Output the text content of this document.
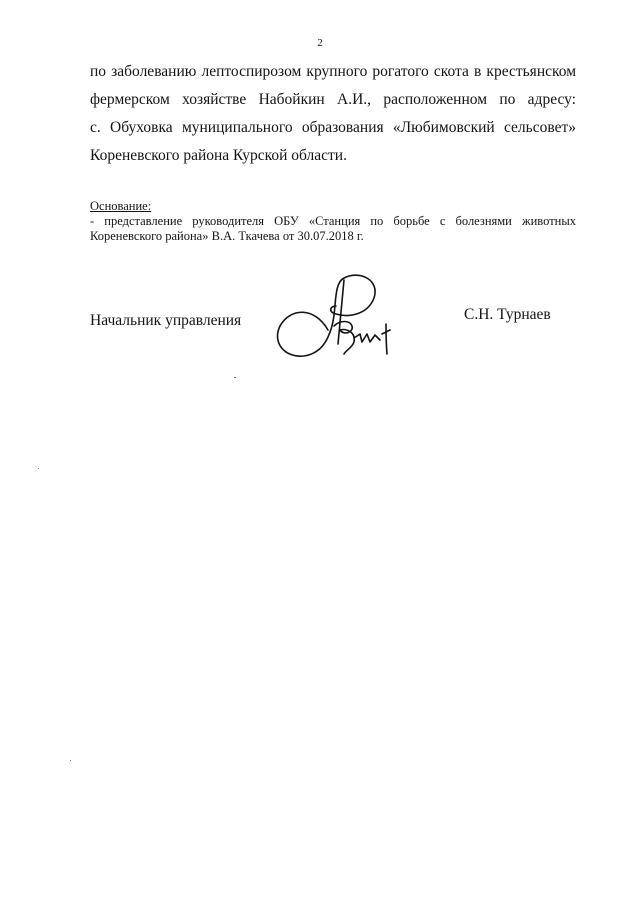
2
по заболеванию лептоспирозом крупного рогатого скота в крестьянском
фермерском хозяйстве Набойкин А.И., расположенном по адресу:
с. Обуховка муниципального образования «Любимовский сельсовет»
Кореневского района Курской области.
Основание:
- представление руководителя ОБУ «Станция по борьбе с болезнями животных
Кореневского района» В.А. Ткачева от 30.07.2018 г.
Начальник управления	С.Н. Турнаев
